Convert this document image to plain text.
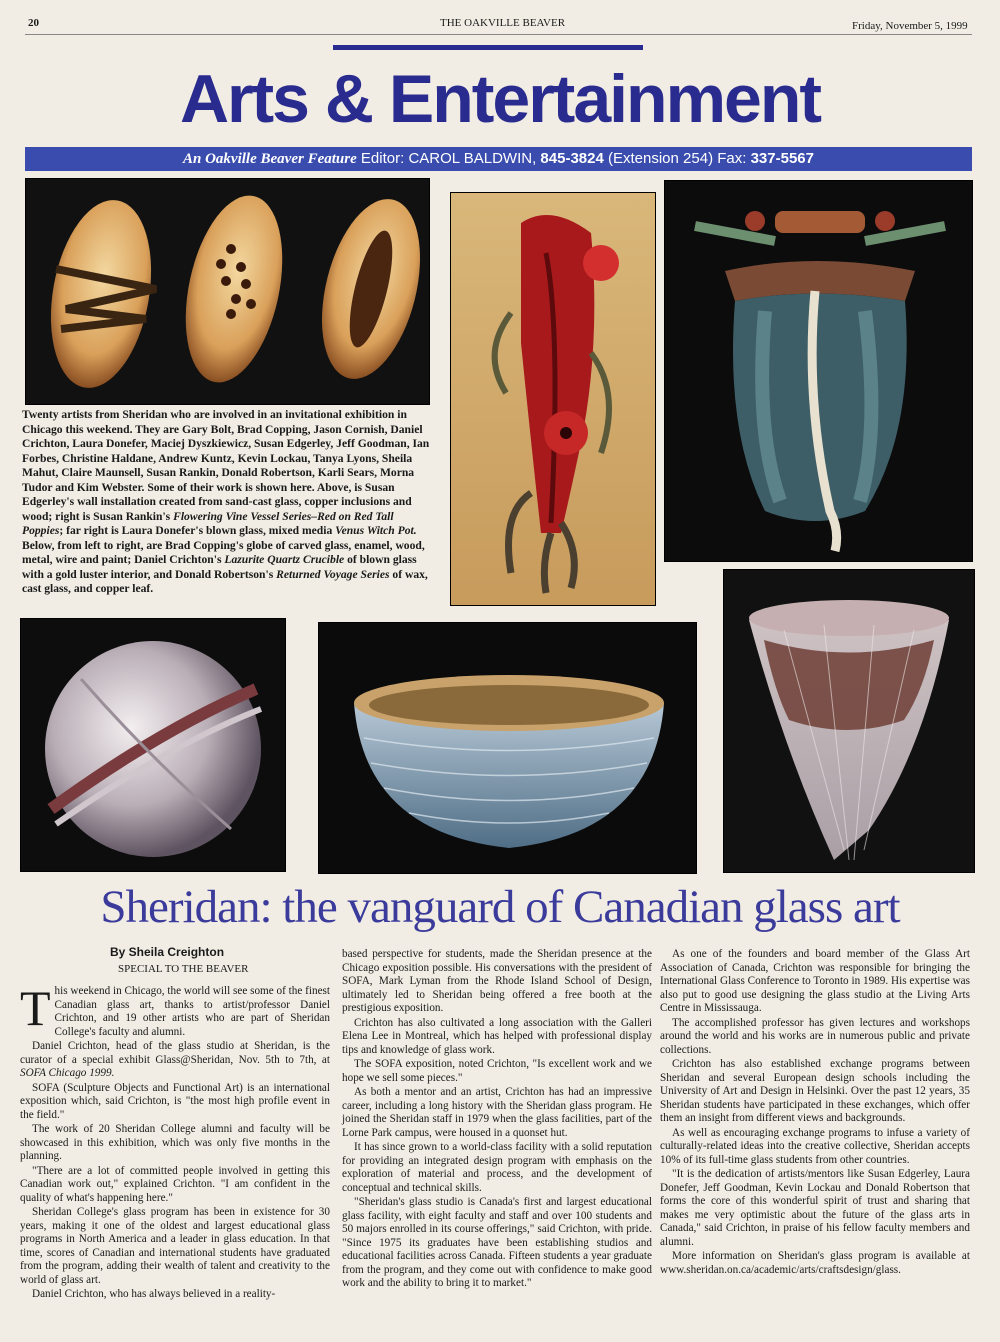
20	THE OAKVILLE BEAVER	Friday, November 5, 1999
Arts & Entertainment
An Oakville Beaver Feature Editor: CAROL BALDWIN, 845-3824 (Extension 254) Fax: 337-5567
Twenty artists from Sheridan who are involved in an invitational exhibition in Chicago this weekend. They are Gary Bolt, Brad Copping, Jason Cornish, Daniel Crichton, Laura Donefer, Maciej Dyszkiewicz, Susan Edgerley, Jeff Goodman, Ian Forbes, Christine Haldane, Andrew Kuntz, Kevin Lockau, Tanya Lyons, Sheila Mahut, Claire Maunsell, Susan Rankin, Donald Robertson, Karli Sears, Morna Tudor and Kim Webster. Some of their work is shown here. Above, is Susan Edgerley's wall installation created from sand-cast glass, copper inclusions and wood; right is Susan Rankin's Flowering Vine Vessel Series–Red on Red Tall Poppies; far right is Laura Donefer's blown glass, mixed media Venus Witch Pot. Below, from left to right, are Brad Copping's globe of carved glass, enamel, wood, metal, wire and paint; Daniel Crichton's Lazurite Quartz Crucible of blown glass with a gold luster interior, and Donald Robertson's Returned Voyage Series of wax, cast glass, and copper leaf.
Sheridan: the vanguard of Canadian glass art
By Sheila Creighton
SPECIAL TO THE BEAVER

This weekend in Chicago, the world will see some of the finest Canadian glass art, thanks to artist/professor Daniel Crichton, and 19 other artists who are part of Sheridan College's faculty and alumni.

Daniel Crichton, head of the glass studio at Sheridan, is the curator of a special exhibit Glass@Sheridan, Nov. 5th to 7th, at SOFA Chicago 1999.

SOFA (Sculpture Objects and Functional Art) is an international exposition which, said Crichton, is "the most high profile event in the field."

The work of 20 Sheridan College alumni and faculty will be showcased in this exhibition, which was only five months in the planning.

"There are a lot of committed people involved in getting this Canadian work out," explained Crichton. "I am confident in the quality of what's happening here."

Sheridan College's glass program has been in existence for 30 years, making it one of the oldest and largest educational glass programs in North America and a leader in glass education. In that time, scores of Canadian and international students have graduated from the program, adding their wealth of talent and creativity to the world of glass art.

Daniel Crichton, who has always believed in a reality-

based perspective for students, made the Sheridan presence at the Chicago exposition possible. His conversations with the president of SOFA, Mark Lyman from the Rhode Island School of Design, ultimately led to Sheridan being offered a free booth at the prestigious exposition.

Crichton has also cultivated a long association with the Galleri Elena Lee in Montreal, which has helped with professional display tips and knowledge of glass work.

The SOFA exposition, noted Crichton, "Is excellent work and we hope we sell some pieces."

As both a mentor and an artist, Crichton has had an impressive career, including a long history with the Sheridan glass program. He joined the Sheridan staff in 1979 when the glass facilities, part of the Lorne Park campus, were housed in a quonset hut.

It has since grown to a world-class facility with a solid reputation for providing an integrated design program with emphasis on the exploration of material and process, and the development of conceptual and technical skills.

"Sheridan's glass studio is Canada's first and largest educational glass facility, with eight faculty and staff and over 100 students and 50 majors enrolled in its course offerings," said Crichton, with pride. "Since 1975 its graduates have been establishing studios and educational facilities across Canada. Fifteen students a year graduate from the program, and they come out with confidence to make good work and the ability to bring it to market."

As one of the founders and board member of the Glass Art Association of Canada, Crichton was responsible for bringing the International Glass Conference to Toronto in 1989. His expertise was also put to good use designing the glass studio at the Living Arts Centre in Mississauga.

The accomplished professor has given lectures and workshops around the world and his works are in numerous public and private collections.

Crichton has also established exchange programs between Sheridan and several European design schools including the University of Art and Design in Helsinki. Over the past 12 years, 35 Sheridan students have participated in these exchanges, which offer them an insight from different views and backgrounds.

As well as encouraging exchange programs to infuse a variety of culturally-related ideas into the creative collective, Sheridan accepts 10% of its full-time glass students from other countries.

"It is the dedication of artists/mentors like Susan Edgerley, Laura Donefer, Jeff Goodman, Kevin Lockau and Donald Robertson that forms the core of this wonderful spirit of trust and sharing that makes me very optimistic about the future of the glass arts in Canada," said Crichton, in praise of his fellow faculty members and alumni.

More information on Sheridan's glass program is available at www.sheridan.on.ca/academic/arts/craftsdesign/glass.
